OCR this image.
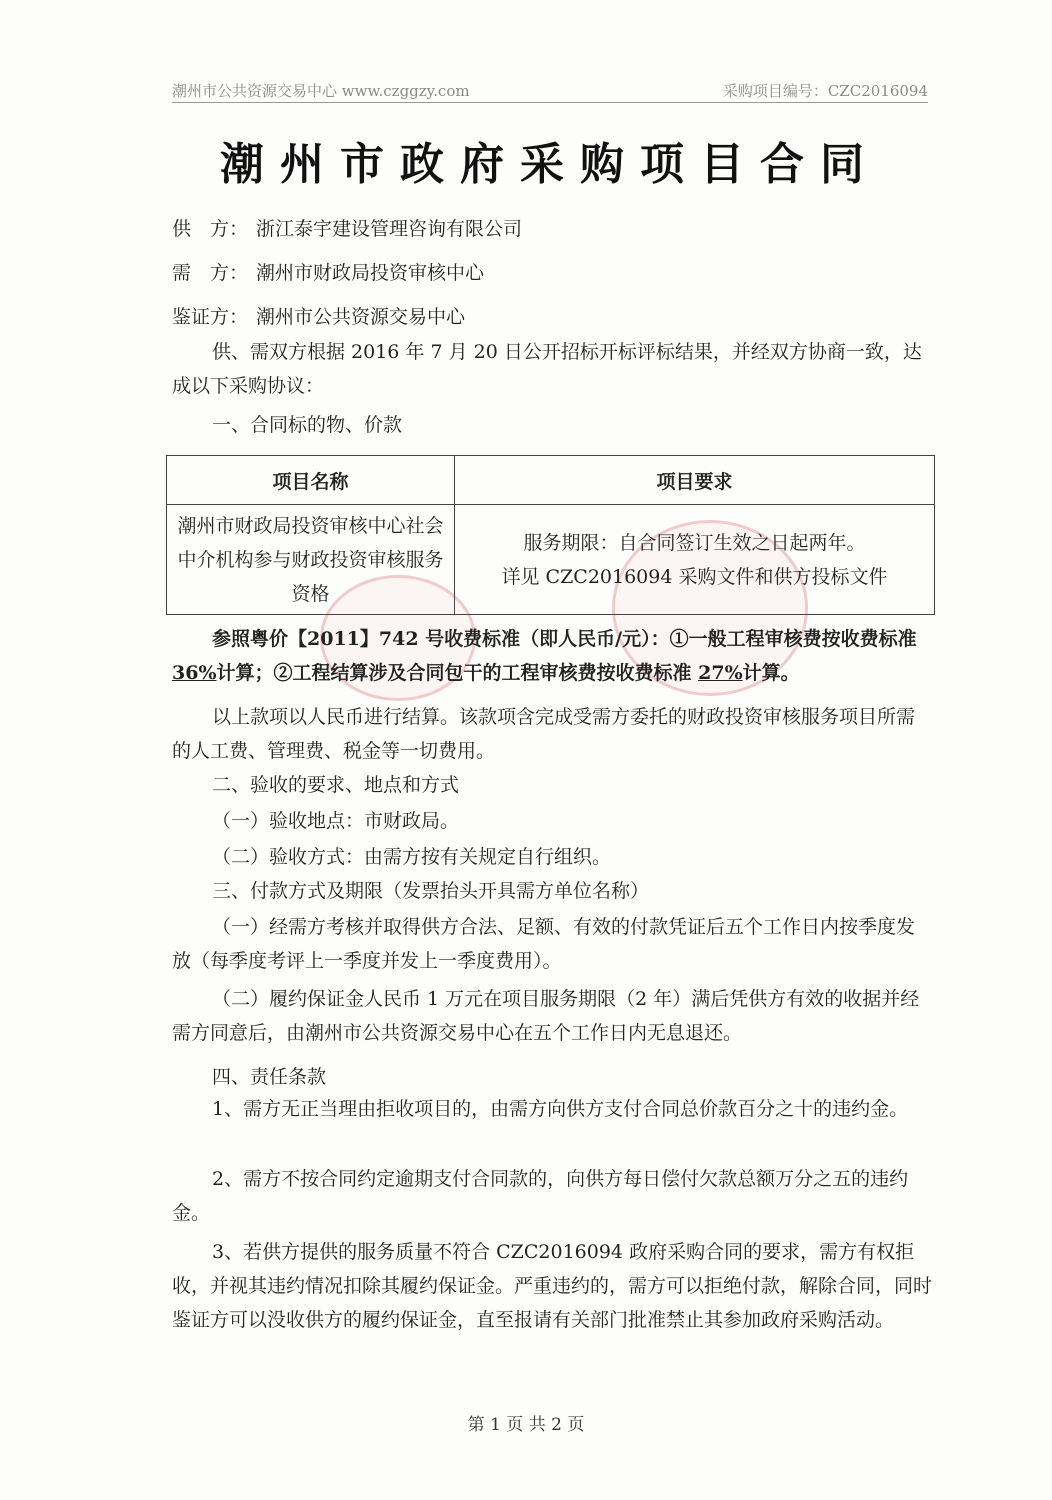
潮州市公共资源交易中心 www.czggzy.com	采购项目编号：CZC2016094
潮州市政府采购项目合同
供　方： 浙江泰宇建设管理咨询有限公司
需　方： 潮州市财政局投资审核中心
鉴证方： 潮州市公共资源交易中心
供、需双方根据 2016 年 7 月 20 日公开招标开标评标结果，并经双方协商一致，达成以下采购协议：
一、合同标的物、价款
项目名称	项目要求
潮州市财政局投资审核中心社会中介机构参与财政投资审核服务资格	服务期限：自合同签订生效之日起两年。
详见 CZC2016094 采购文件和供方投标文件
参照粤价【2011】742 号收费标准（即人民币/元）：①一般工程审核费按收费标准 36%计算；②工程结算涉及合同包干的工程审核费按收费标准 27%计算。
以上款项以人民币进行结算。该款项含完成受需方委托的财政投资审核服务项目所需的人工费、管理费、税金等一切费用。
二、验收的要求、地点和方式
（一）验收地点：市财政局。
（二）验收方式：由需方按有关规定自行组织。
三、付款方式及期限（发票抬头开具需方单位名称）
（一）经需方考核并取得供方合法、足额、有效的付款凭证后五个工作日内按季度发放（每季度考评上一季度并发上一季度费用）。
（二）履约保证金人民币 1 万元在项目服务期限（2 年）满后凭供方有效的收据并经需方同意后，由潮州市公共资源交易中心在五个工作日内无息退还。
四、责任条款
1、需方无正当理由拒收项目的，由需方向供方支付合同总价款百分之十的违约金。
2、需方不按合同约定逾期支付合同款的，向供方每日偿付欠款总额万分之五的违约金。
3、若供方提供的服务质量不符合 CZC2016094 政府采购合同的要求，需方有权拒收，并视其违约情况扣除其履约保证金。严重违约的，需方可以拒绝付款，解除合同，同时鉴证方可以没收供方的履约保证金，直至报请有关部门批准禁止其参加政府采购活动。
第 1 页 共 2 页
